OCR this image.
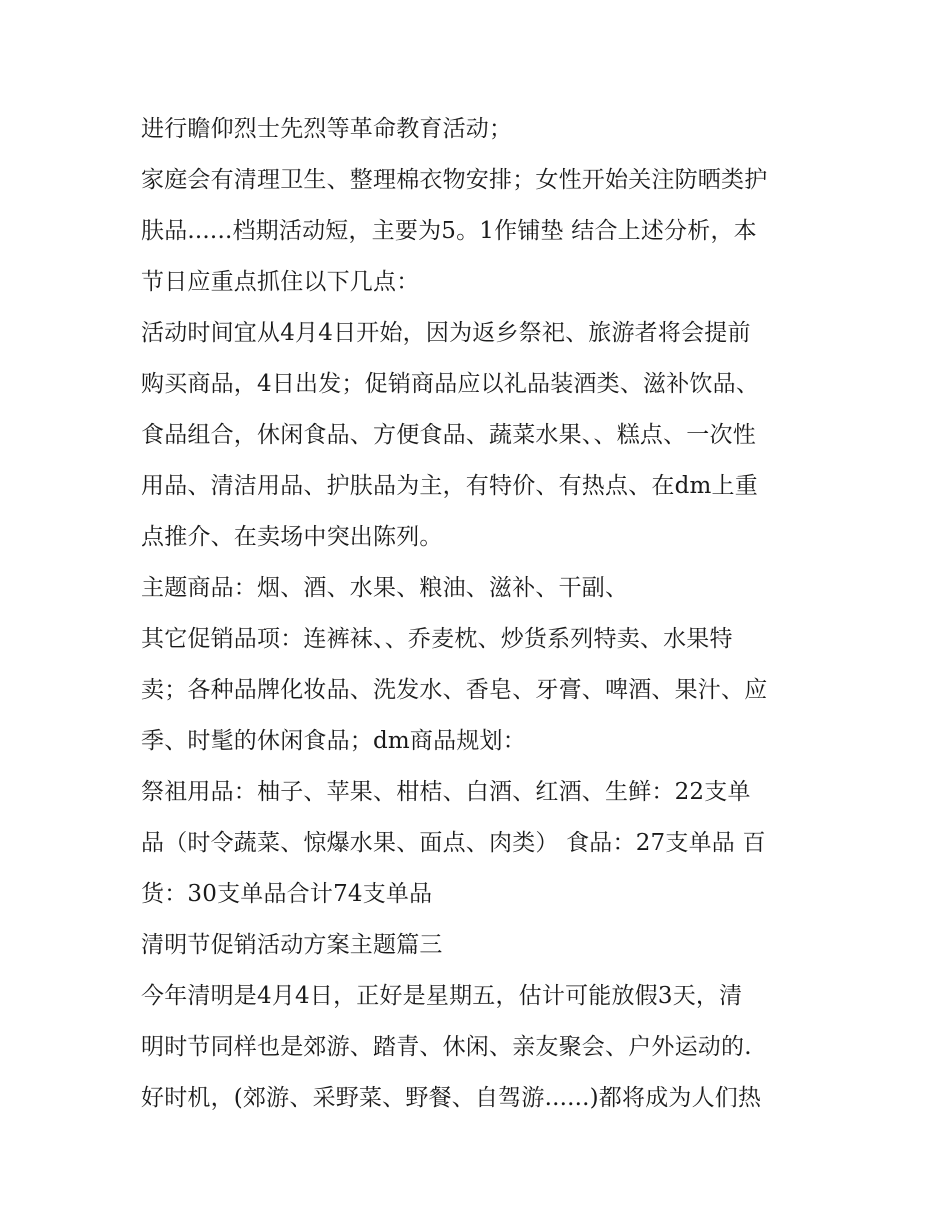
进行瞻仰烈士先烈等革命教育活动；
家庭会有清理卫生、整理棉衣物安排；女性开始关注防晒类护
肤品......档期活动短，主要为5。1作铺垫 结合上述分析，本
节日应重点抓住以下几点：
活动时间宜从4月4日开始，因为返乡祭祀、旅游者将会提前
购买商品，4日出发；促销商品应以礼品装酒类、滋补饮品、
食品组合，休闲食品、方便食品、蔬菜水果、、糕点、一次性
用品、清洁用品、护肤品为主，有特价、有热点、在dm上重
点推介、在卖场中突出陈列。
主题商品：烟、酒、水果、粮油、滋补、干副、
其它促销品项：连裤袜、、乔麦枕、炒货系列特卖、水果特
卖；各种品牌化妆品、洗发水、香皂、牙膏、啤酒、果汁、应
季、时髦的休闲食品；dm商品规划：
祭祖用品：柚子、苹果、柑桔、白酒、红酒、生鲜：22支单
品（时令蔬菜、惊爆水果、面点、肉类） 食品：27支单品 百
货：30支单品合计74支单品
清明节促销活动方案主题篇三
今年清明是4月4日，正好是星期五，估计可能放假3天，清
明时节同样也是郊游、踏青、休闲、亲友聚会、户外运动的.
好时机，(郊游、采野菜、野餐、自驾游......)都将成为人们热
